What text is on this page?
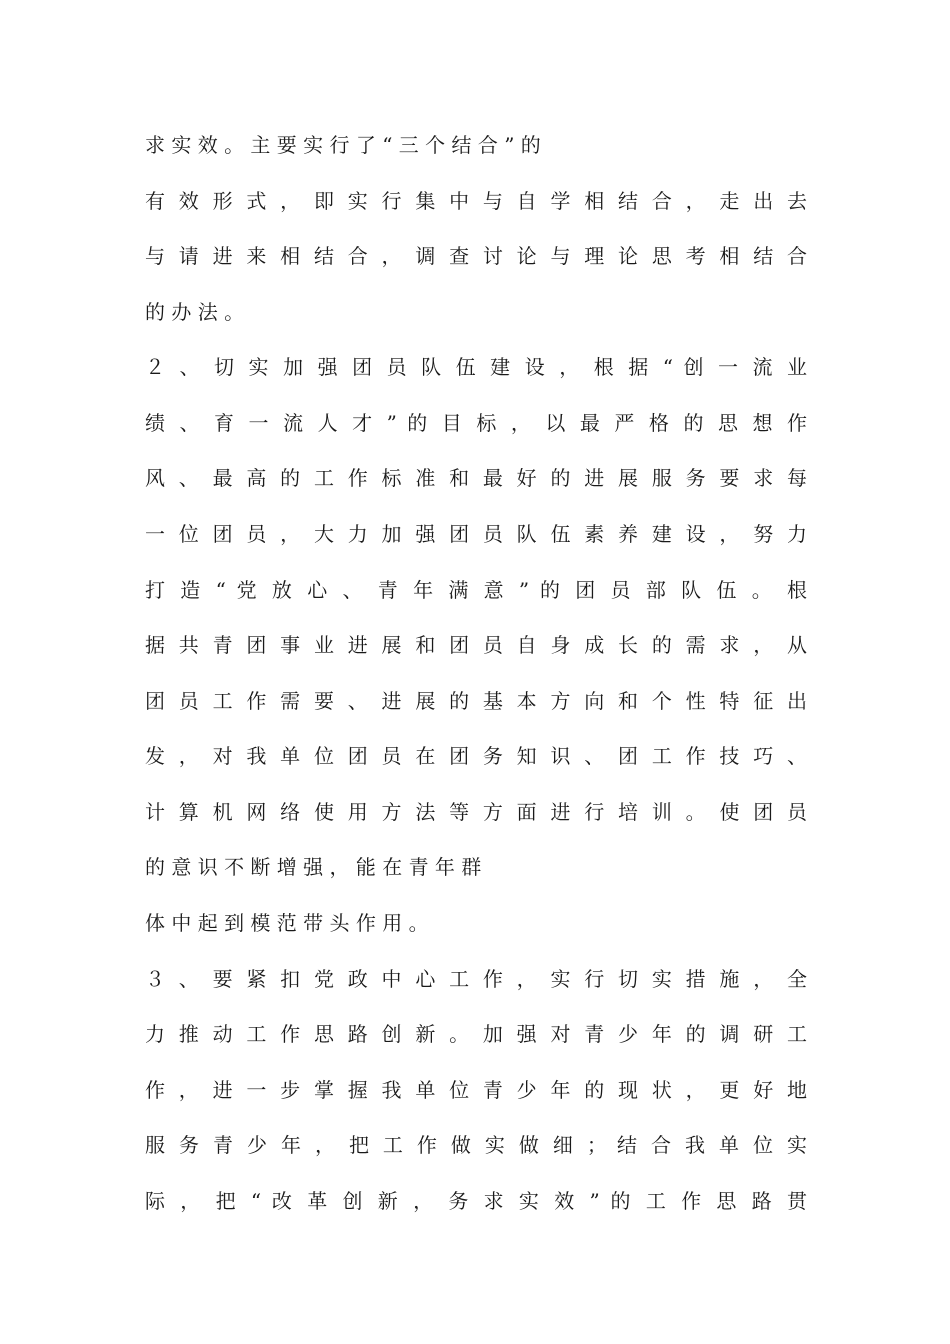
求 实 效 。 主 要 实 行 了 “ 三 个 结 合 ” 的
有 效 形 式 ， 即 实 行 集 中 与 自 学 相 结 合 ， 走 出 去
与 请 进 来 相 结 合 ， 调 查 讨 论 与 理 论 思 考 相 结 合
的 办 法 。
２ 、 切 实 加 强 团 员 队 伍 建 设 ， 根 据 “ 创 一 流 业
绩 、 育 一 流 人 才 ” 的 目 标 ， 以 最 严 格 的 思 想 作
风 、 最 高 的 工 作 标 准 和 最 好 的 进 展 服 务 要 求 每
一 位 团 员 ， 大 力 加 强 团 员 队 伍 素 养 建 设 ， 努 力
打 造 “ 党 放 心 、 青 年 满 意 ” 的 团 员 部 队 伍 。 根
据 共 青 团 事 业 进 展 和 团 员 自 身 成 长 的 需 求 ， 从
团 员 工 作 需 要 、 进 展 的 基 本 方 向 和 个 性 特 征 出
发 ， 对 我 单 位 团 员 在 团 务 知 识 、 团 工 作 技 巧 、
计 算 机 网 络 使 用 方 法 等 方 面 进 行 培 训 。 使 团 员
的 意 识 不 断 增 强 ， 能 在 青 年 群
体 中 起 到 模 范 带 头 作 用 。
３ 、 要 紧 扣 党 政 中 心 工 作 ， 实 行 切 实 措 施 ， 全
力 推 动 工 作 思 路 创 新 。 加 强 对 青 少 年 的 调 研 工
作 ， 进 一 步 掌 握 我 单 位 青 少 年 的 现 状 ， 更 好 地
服 务 青 少 年 ， 把 工 作 做 实 做 细 ； 结 合 我 单 位 实
际 ， 把 “ 改 革 创 新 ， 务 求 实 效 ” 的 工 作 思 路 贯
